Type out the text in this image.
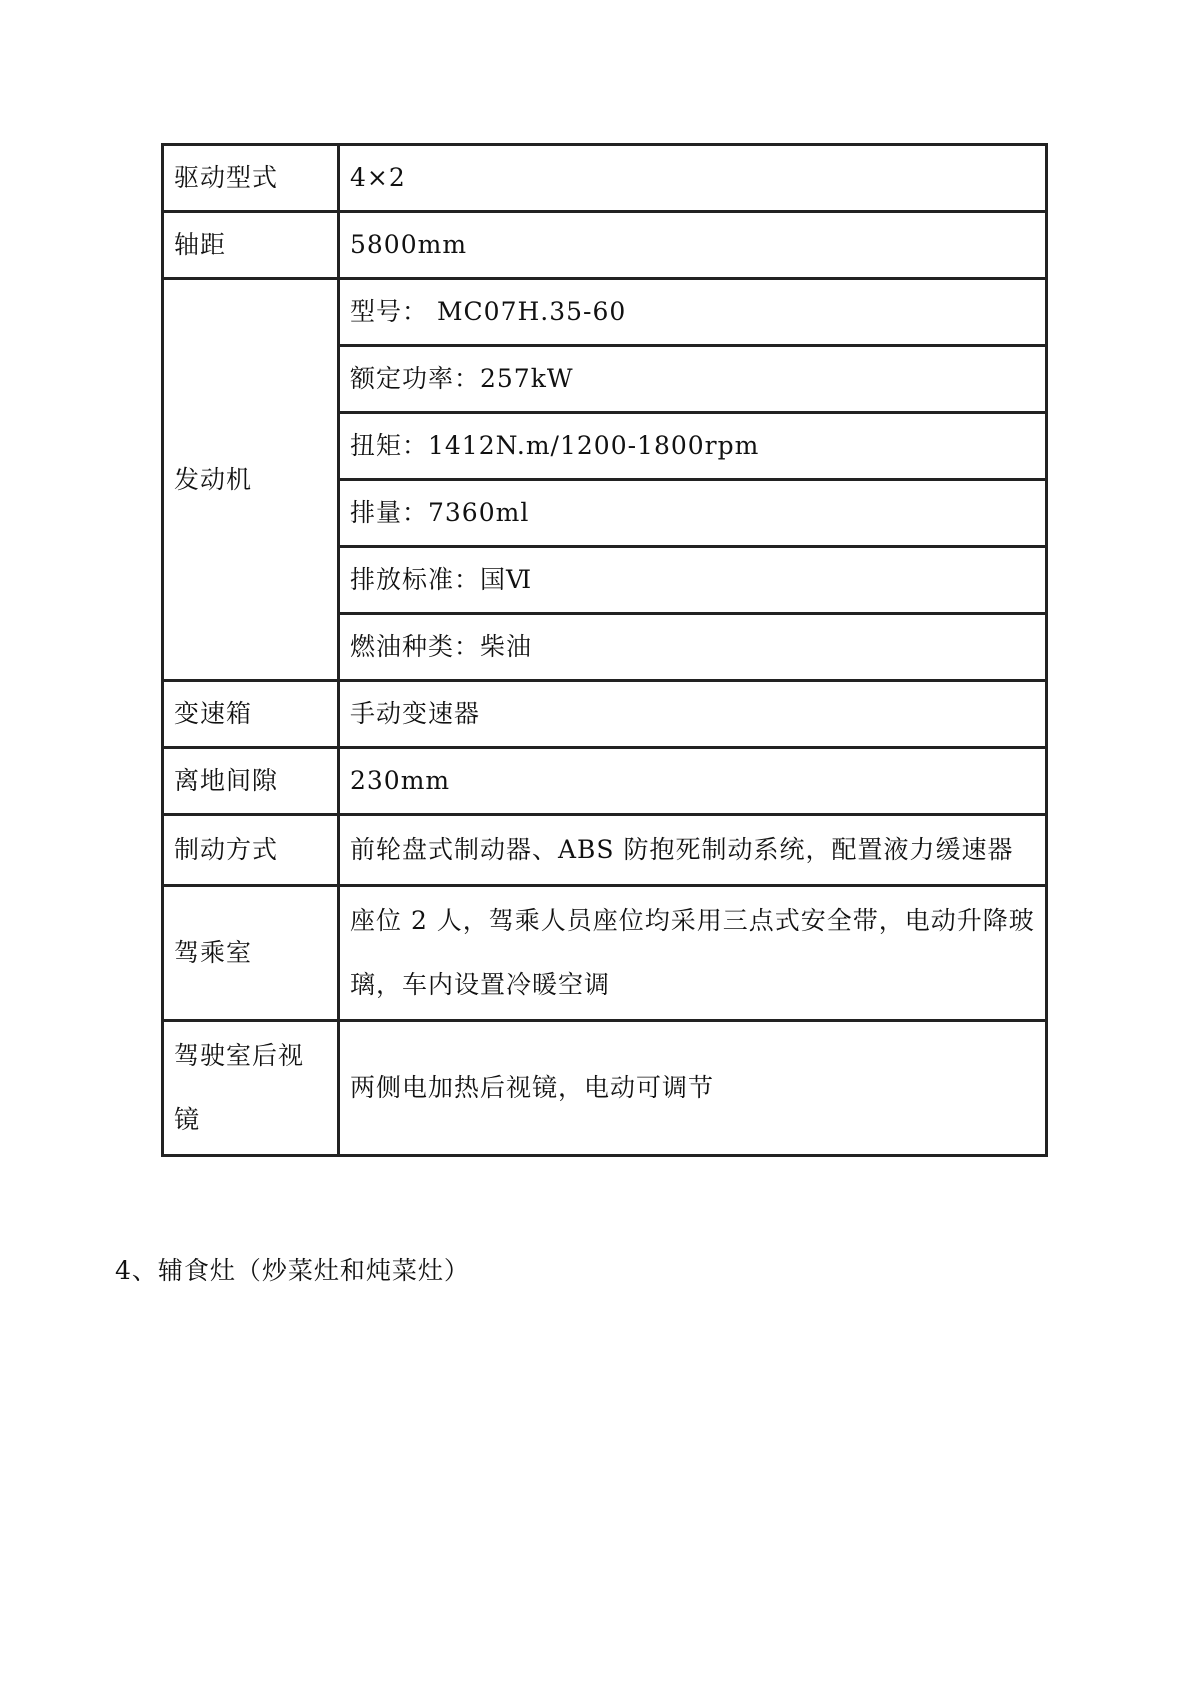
驱动型式	4×2
轴距	5800mm
发动机	型号： MC07H.35-60
	额定功率：257kW
	扭矩：1412N.m/1200-1800rpm
	排量：7360ml
	排放标准：国Ⅵ
	燃油种类：柴油
变速箱	手动变速器
离地间隙	230mm
制动方式	前轮盘式制动器、ABS 防抱死制动系统，配置液力缓速器
驾乘室	座位 2 人，驾乘人员座位均采用三点式安全带，电动升降玻璃，车内设置冷暖空调
驾驶室后视镜	两侧电加热后视镜，电动可调节

4、辅食灶（炒菜灶和炖菜灶）
